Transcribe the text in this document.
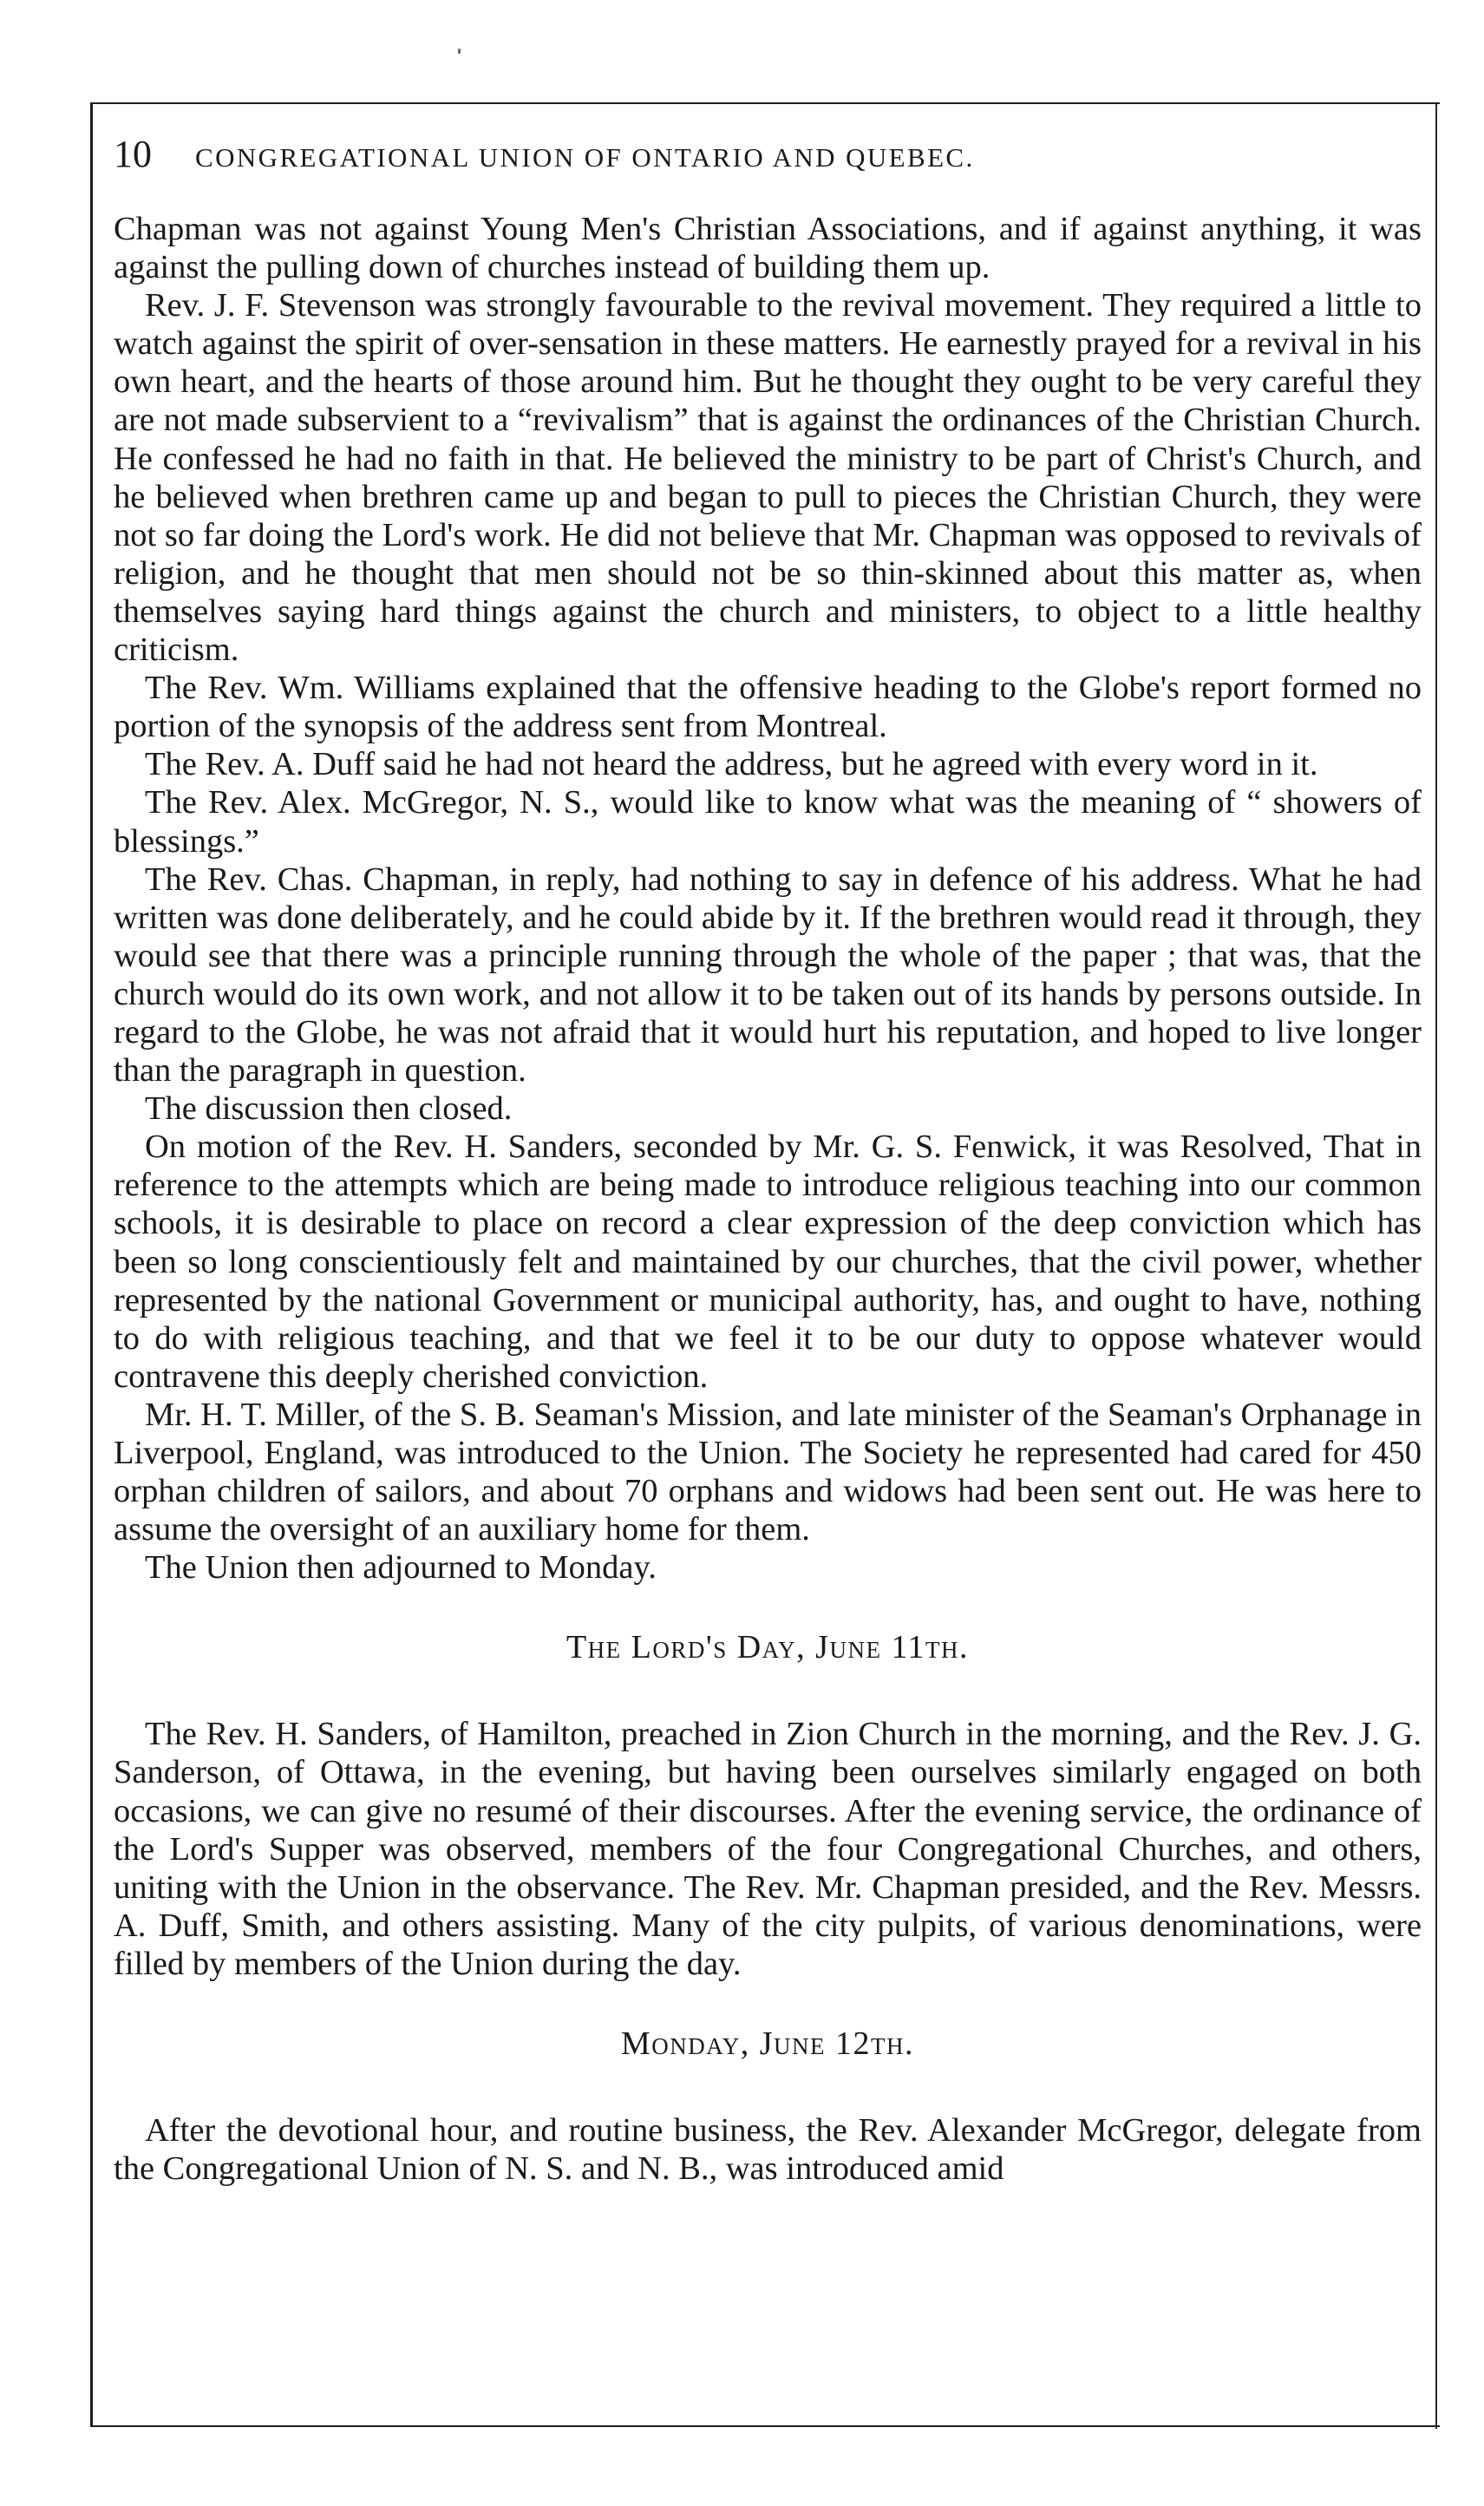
10	CONGREGATIONAL UNION OF ONTARIO AND QUEBEC.

Chapman was not against Young Men's Christian Associations, and if against anything, it was against the pulling down of churches instead of building them up.

Rev. J. F. Stevenson was strongly favourable to the revival movement. They required a little to watch against the spirit of over-sensation in these matters. He earnestly prayed for a revival in his own heart, and the hearts of those around him. But he thought they ought to be very careful they are not made subservient to a “revivalism” that is against the ordinances of the Christian Church. He confessed he had no faith in that. He believed the ministry to be part of Christ's Church, and he believed when brethren came up and began to pull to pieces the Christian Church, they were not so far doing the Lord's work. He did not believe that Mr. Chapman was opposed to revivals of religion, and he thought that men should not be so thin-skinned about this matter as, when themselves saying hard things against the church and ministers, to object to a little healthy criticism.

The Rev. Wm. Williams explained that the offensive heading to the Globe's report formed no portion of the synopsis of the address sent from Montreal.

The Rev. A. Duff said he had not heard the address, but he agreed with every word in it.

The Rev. Alex. McGregor, N. S., would like to know what was the meaning of “ showers of blessings.”

The Rev. Chas. Chapman, in reply, had nothing to say in defence of his address. What he had written was done deliberately, and he could abide by it. If the brethren would read it through, they would see that there was a principle running through the whole of the paper ; that was, that the church would do its own work, and not allow it to be taken out of its hands by persons outside. In regard to the Globe, he was not afraid that it would hurt his reputation, and hoped to live longer than the paragraph in question.

The discussion then closed.

On motion of the Rev. H. Sanders, seconded by Mr. G. S. Fenwick, it was Resolved, That in reference to the attempts which are being made to introduce religious teaching into our common schools, it is desirable to place on record a clear expression of the deep conviction which has been so long conscientiously felt and maintained by our churches, that the civil power, whether represented by the national Government or municipal authority, has, and ought to have, nothing to do with religious teaching, and that we feel it to be our duty to oppose whatever would contravene this deeply cherished conviction.

Mr. H. T. Miller, of the S. B. Seaman's Mission, and late minister of the Seaman's Orphanage in Liverpool, England, was introduced to the Union. The Society he represented had cared for 450 orphan children of sailors, and about 70 orphans and widows had been sent out. He was here to assume the oversight of an auxiliary home for them.

The Union then adjourned to Monday.

The Lord's Day, June 11th.

The Rev. H. Sanders, of Hamilton, preached in Zion Church in the morning, and the Rev. J. G. Sanderson, of Ottawa, in the evening, but having been ourselves similarly engaged on both occasions, we can give no resumé of their discourses. After the evening service, the ordinance of the Lord's Supper was observed, members of the four Congregational Churches, and others, uniting with the Union in the observance. The Rev. Mr. Chapman presided, and the Rev. Messrs. A. Duff, Smith, and others assisting. Many of the city pulpits, of various denominations, were filled by members of the Union during the day.

Monday, June 12th.

After the devotional hour, and routine business, the Rev. Alexander McGregor, delegate from the Congregational Union of N. S. and N. B., was introduced amid
